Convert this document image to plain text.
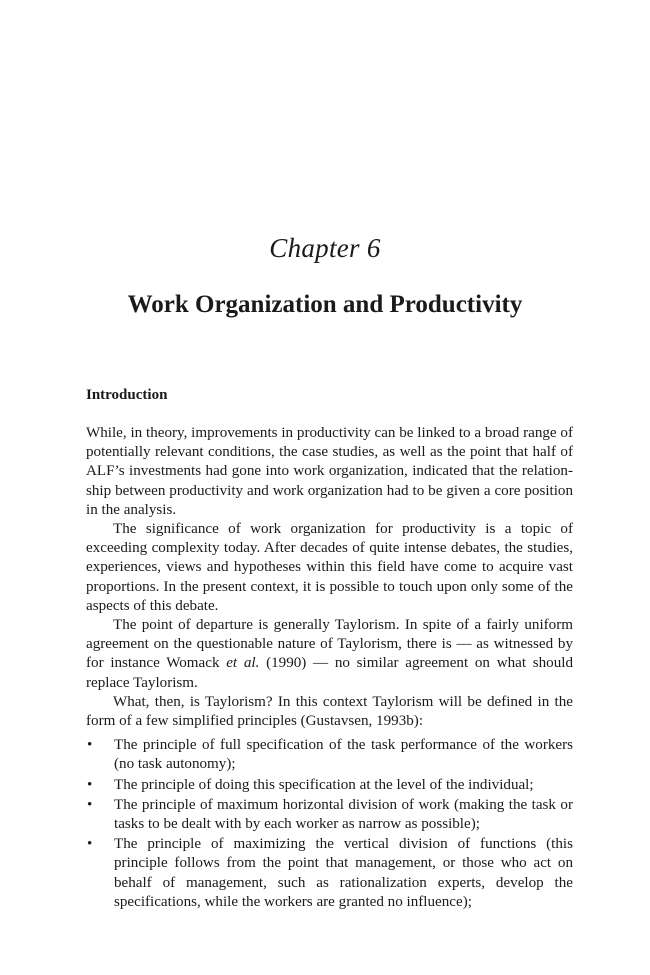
Chapter 6
Work Organization and Productivity
Introduction

While, in theory, improvements in productivity can be linked to a broad range of potentially relevant conditions, the case studies, as well as the point that half of ALF’s investments had gone into work organization, indicated that the relationship between productivity and work organization had to be given a core position in the analysis.

The significance of work organization for productivity is a topic of exceeding complexity today. After decades of quite intense debates, the studies, experiences, views and hypotheses within this field have come to acquire vast proportions. In the present context, it is possible to touch upon only some of the aspects of this debate.

The point of departure is generally Taylorism. In spite of a fairly uniform agreement on the questionable nature of Taylorism, there is — as witnessed by for instance Womack et al. (1990) — no similar agreement on what should replace Taylorism.

What, then, is Taylorism? In this context Taylorism will be defined in the form of a few simplified principles (Gustavsen, 1993b):

• The principle of full specification of the task performance of the workers (no task autonomy);
• The principle of doing this specification at the level of the individual;
• The principle of maximum horizontal division of work (making the task or tasks to be dealt with by each worker as narrow as possible);
• The principle of maximizing the vertical division of functions (this principle follows from the point that management, or those who act on behalf of management, such as rationalization experts, develop the specifications, while the workers are granted no influence);
